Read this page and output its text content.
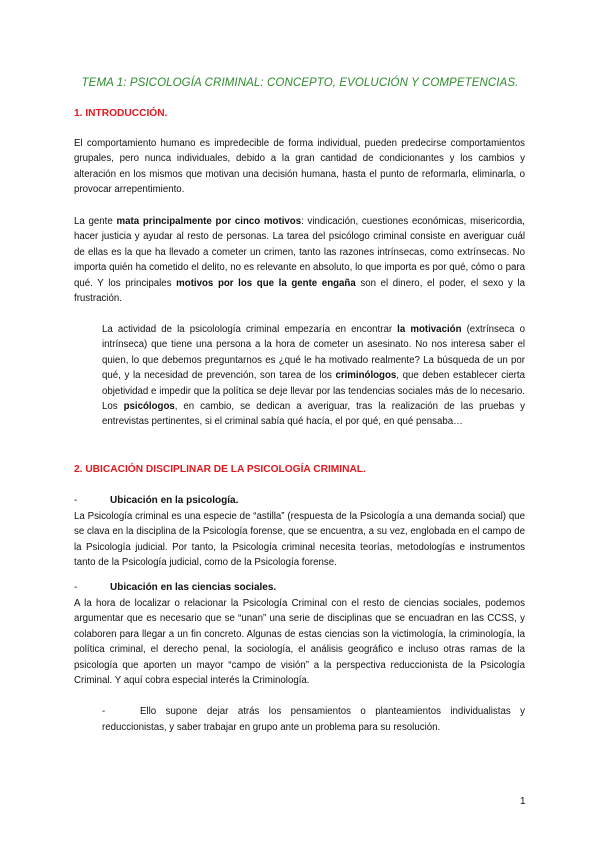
TEMA 1: PSICOLOGÍA CRIMINAL: CONCEPTO, EVOLUCIÓN Y COMPETENCIAS.
1. INTRODUCCIÓN.

El comportamiento humano es impredecible de forma individual, pueden predecirse comportamientos grupales, pero nunca individuales, debido a la gran cantidad de condicionantes y los cambios y alteración en los mismos que motivan una decisión humana, hasta el punto de reformarla, eliminarla, o provocar arrepentimiento.

La gente mata principalmente por cinco motivos: vindicación, cuestiones económicas, misericordia, hacer justicia y ayudar al resto de personas. La tarea del psicólogo criminal consiste en averiguar cuál de ellas es la que ha llevado a cometer un crimen, tanto las razones intrínsecas, como extrínsecas. No importa quién ha cometido el delito, no es relevante en absoluto, lo que importa es por qué, cómo o para qué. Y los principales motivos por los que la gente engaña son el dinero, el poder, el sexo y la frustración.

La actividad de la psicolología criminal empezaría en encontrar la motivación (extrínseca o intrínseca) que tiene una persona a la hora de cometer un asesinato. No nos interesa saber el quien, lo que debemos preguntarnos es ¿qué le ha motivado realmente? La búsqueda de un por qué, y la necesidad de prevención, son tarea de los criminólogos, que deben establecer cierta objetividad e impedir que la política se deje llevar por las tendencias sociales más de lo necesario. Los psicólogos, en cambio, se dedican a averiguar, tras la realización de las pruebas y entrevistas pertinentes, si el criminal sabía qué hacía, el por qué, en qué pensaba…

2. UBICACIÓN DISCIPLINAR DE LA PSICOLOGÍA CRIMINAL.
-	Ubicación en la psicología.

La Psicología criminal es una especie de “astilla” (respuesta de la Psicología a una demanda social) que se clava en la disciplina de la Psicología forense, que se encuentra, a su vez, englobada en el campo de la Psicología judicial. Por tanto, la Psicología criminal necesita teorías, metodologías e instrumentos tanto de la Psicología judicial, como de la Psicología forense.

-	Ubicación en las ciencias sociales.

A la hora de localizar o relacionar la Psicología Criminal con el resto de ciencias sociales, podemos argumentar que es necesario que se “unan” una serie de disciplinas que se encuadran en las CCSS, y colaboren para llegar a un fin concreto. Algunas de estas ciencias son la victimología, la criminología, la política criminal, el derecho penal, la sociología, el análisis geográfico e incluso otras ramas de la psicología que aporten un mayor “campo de visión” a la perspectiva reduccionista de la Psicología Criminal. Y aquí cobra especial interés la Criminología.

-	Ello supone dejar atrás los pensamientos o planteamientos individualistas y reduccionistas, y saber trabajar en grupo ante un problema para su resolución.

1
